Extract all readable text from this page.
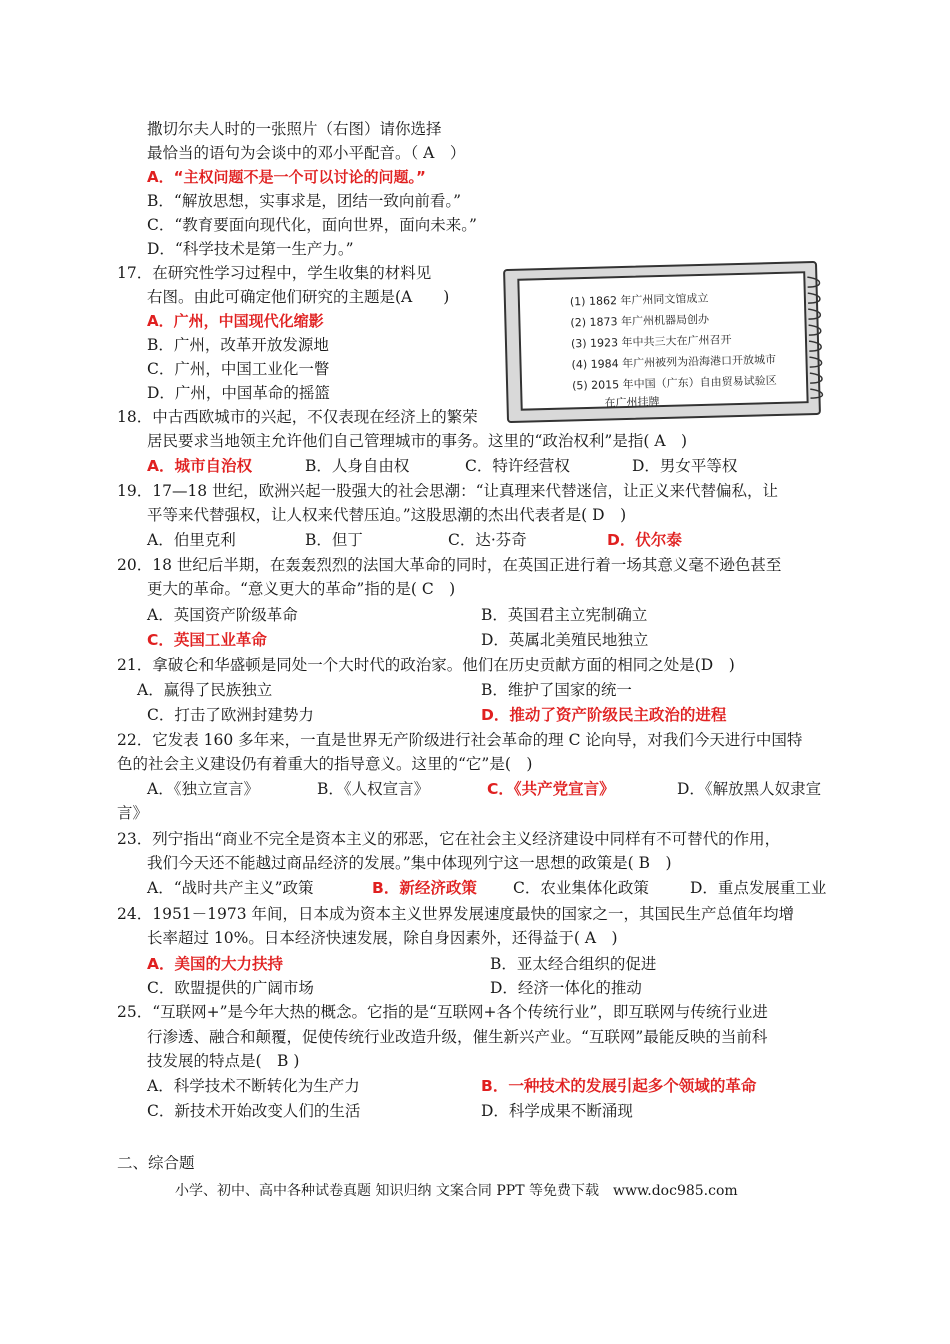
撒切尔夫人时的一张照片（右图）请你选择
最恰当的语句为会谈中的邓小平配音。（ A　）
A．“主权问题不是一个可以讨论的问题。”
B．“解放思想，实事求是，团结一致向前看。”
C．“教育要面向现代化，面向世界，面向未来。”
D．“科学技术是第一生产力。”
17．在研究性学习过程中，学生收集的材料见
右图。由此可确定他们研究的主题是(A　　)
A．广州，中国现代化缩影
B．广州，改革开放发源地
C．广州，中国工业化一瞥
D．广州，中国革命的摇篮
(1) 1862 年广州同文馆成立
(2) 1873 年广州机器局创办
(3) 1923 年中共三大在广州召开
(4) 1984 年广州被列为沿海港口开放城市
(5) 2015 年中国（广东）自由贸易试验区
在广州挂牌
18．中古西欧城市的兴起，不仅表现在经济上的繁荣
居民要求当地领主允许他们自己管理城市的事务。这里的“政治权利”是指( A　)
A．城市自治权	B．人身自由权	C．特许经营权	D．男女平等权
19．17—18 世纪，欧洲兴起一股强大的社会思潮：“让真理来代替迷信，让正义来代替偏私，让
平等来代替强权，让人权来代替压迫。”这股思潮的杰出代表者是( D　)
A．伯里克利	B．但丁	C．达·芬奇	D．伏尔泰
20．18 世纪后半期，在轰轰烈烈的法国大革命的同时，在英国正进行着一场其意义毫不逊色甚至
更大的革命。“意义更大的革命”指的是( C　)
A．英国资产阶级革命	B．英国君主立宪制确立
C．英国工业革命	D．英属北美殖民地独立
21．拿破仑和华盛顿是同处一个大时代的政治家。他们在历史贡献方面的相同之处是(D　)
A．赢得了民族独立	B．维护了国家的统一
C．打击了欧洲封建势力	D．推动了资产阶级民主政治的进程
22．它发表 160 多年来，一直是世界无产阶级进行社会革命的理 C 论向导，对我们今天进行中国特
色的社会主义建设仍有着重大的指导意义。这里的“它”是(　)
A．《独立宣言》	B．《人权宣言》	C．《共产党宣言》	D．《解放黑人奴隶宣
言》
23．列宁指出“商业不完全是资本主义的邪恶，它在社会主义经济建设中同样有不可替代的作用，
我们今天还不能越过商品经济的发展。”集中体现列宁这一思想的政策是( B　)
A．“战时共产主义”政策	B．新经济政策 C．农业集体化政策	D．重点发展重工业
24．1951－1973 年间，日本成为资本主义世界发展速度最快的国家之一，其国民生产总值年均增
长率超过 10%。日本经济快速发展，除自身因素外，还得益于( A　)
A．美国的大力扶持	B．亚太经合组织的促进
C．欧盟提供的广阔市场	D．经济一体化的推动
25．“互联网+”是今年大热的概念。它指的是“互联网+各个传统行业”，即互联网与传统行业进
行渗透、融合和颠覆，促使传统行业改造升级，催生新兴产业。“互联网”最能反映的当前科
技发展的特点是(　B )
A．科学技术不断转化为生产力	B．一种技术的发展引起多个领域的革命
C．新技术开始改变人们的生活	D．科学成果不断涌现
二、综合题
小学、初中、高中各种试卷真题 知识归纳 文案合同 PPT 等免费下载　www.doc985.com
